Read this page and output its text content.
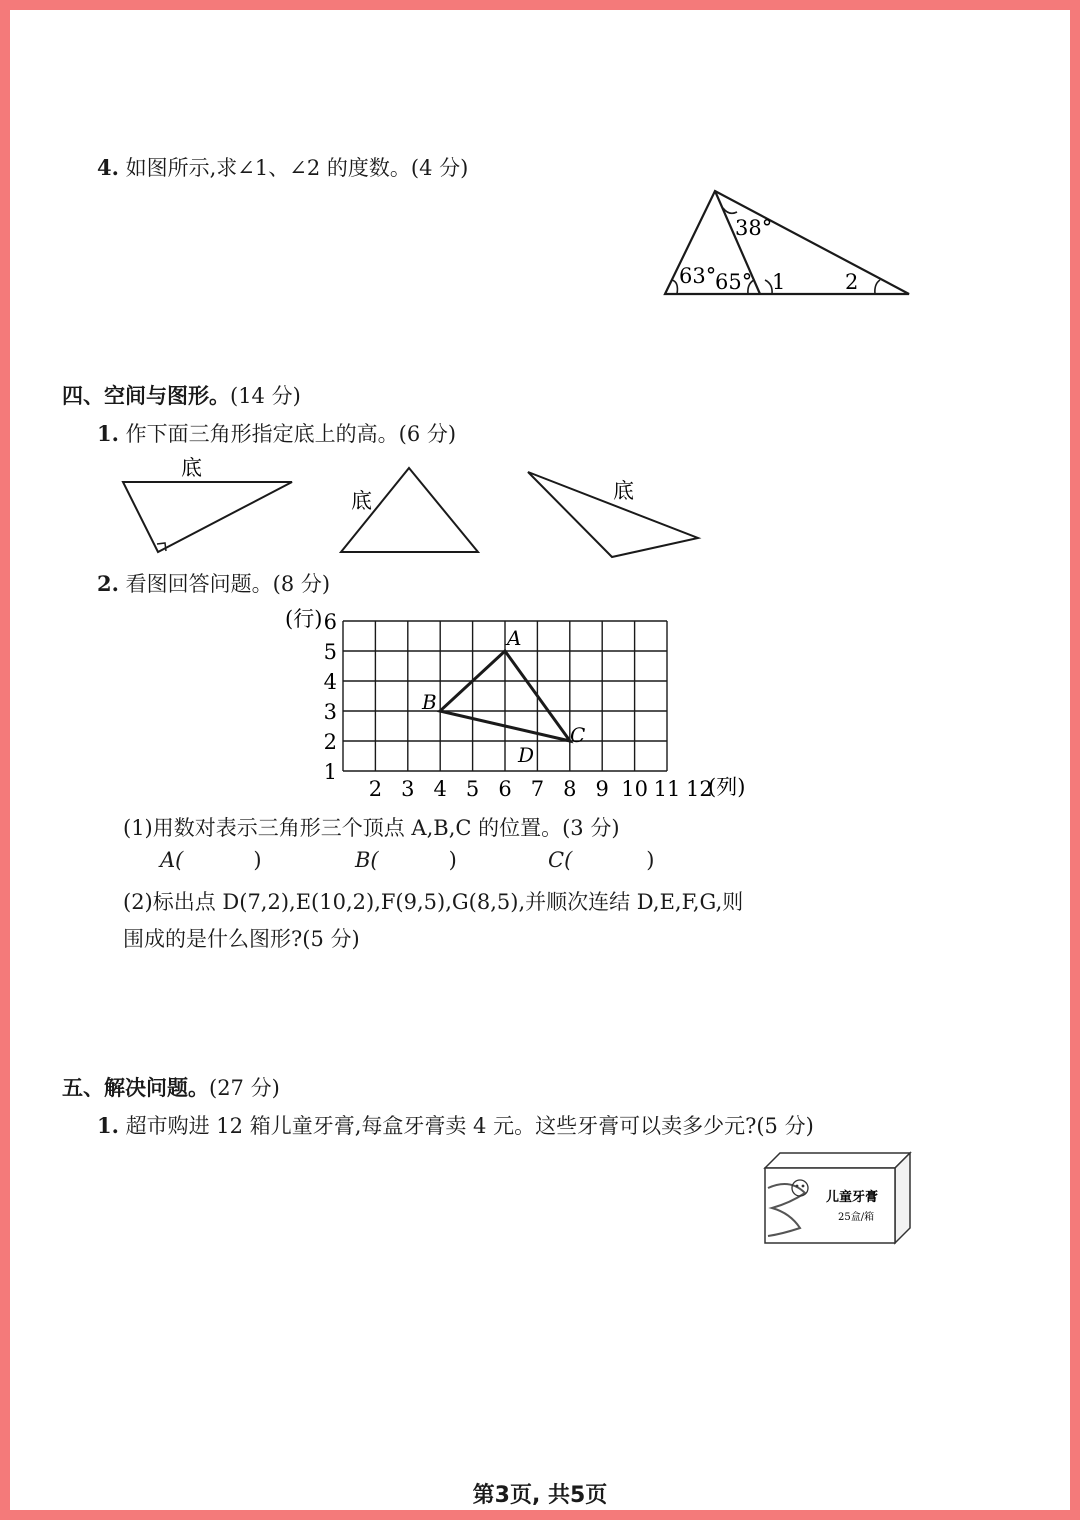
4. 如图所示,求∠1、∠2 的度数。(4 分)
38°
63°
65° 1	2
四、空间与图形。(14 分)
1. 作下面三角形指定底上的高。(6 分)
底
底	底
2. 看图回答问题。(8 分)
(行)
(列)
6
5
4
3
2
1
2 3 4 5 6 7 8 9 10 11 12
A
B
C
D
(1)用数对表示三角形三个顶点 A,B,C 的位置。(3 分)
A(	)	B(	)	C(	)
(2)标出点 D(7,2),E(10,2),F(9,5),G(8,5),并顺次连结 D,E,F,G,则
围成的是什么图形?(5 分)
五、解决问题。(27 分)
1. 超市购进 12 箱儿童牙膏,每盒牙膏卖 4 元。这些牙膏可以卖多少元?(5 分)
儿童牙膏
25盒/箱
第3页, 共5页
